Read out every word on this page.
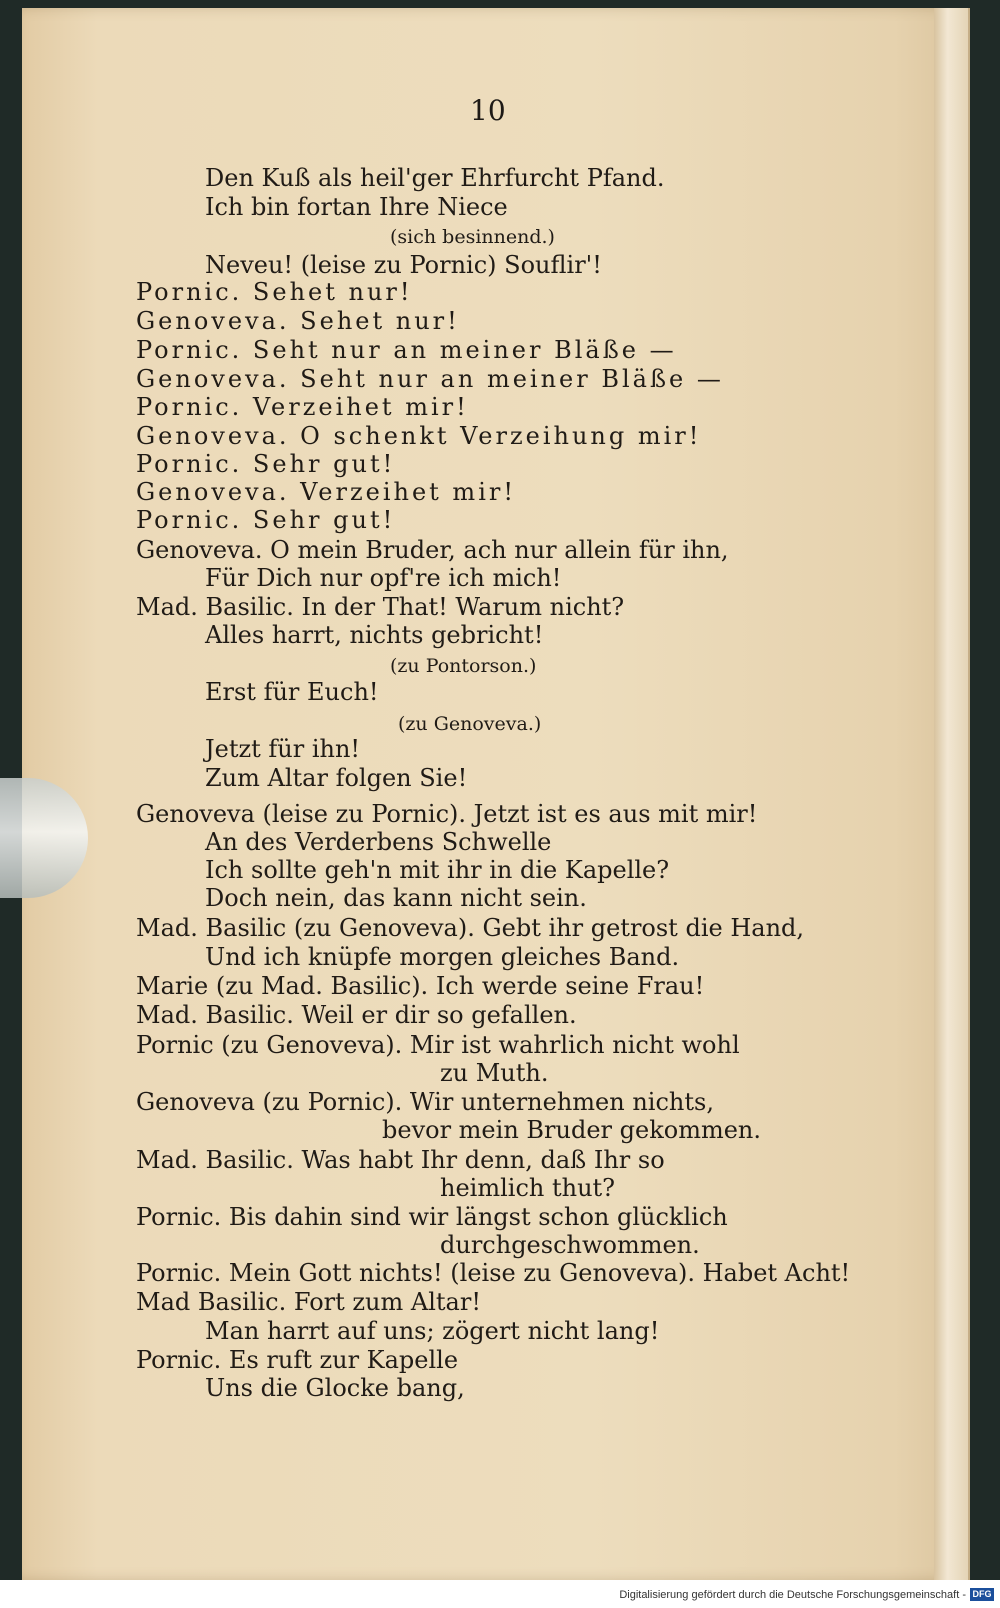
10
Den Kuß als heil'ger Ehrfurcht Pfand.
Ich bin fortan Ihre Niece
(sich besinnend.)
Neveu! (leise zu Pornic) Souflir'!
Pornic. Sehet nur!
Genoveva. Sehet nur!
Pornic. Seht nur an meiner Bläße —
Genoveva. Seht nur an meiner Bläße —
Pornic. Verzeihet mir!
Genoveva. O schenkt Verzeihung mir!
Pornic. Sehr gut!
Genoveva. Verzeihet mir!
Pornic. Sehr gut!
Genoveva. O mein Bruder, ach nur allein für ihn,
Für Dich nur opf're ich mich!
Mad. Basilic. In der That! Warum nicht?
Alles harrt, nichts gebricht!
(zu Pontorson.)
Erst für Euch!
(zu Genoveva.)
Jetzt für ihn!
Zum Altar folgen Sie!
Genoveva (leise zu Pornic). Jetzt ist es aus mit mir!
An des Verderbens Schwelle
Ich sollte geh'n mit ihr in die Kapelle?
Doch nein, das kann nicht sein.
Mad. Basilic (zu Genoveva). Gebt ihr getrost die Hand,
Und ich knüpfe morgen gleiches Band.
Marie (zu Mad. Basilic). Ich werde seine Frau!
Mad. Basilic. Weil er dir so gefallen.
Pornic (zu Genoveva). Mir ist wahrlich nicht wohl
zu Muth.
Genoveva (zu Pornic). Wir unternehmen nichts,
bevor mein Bruder gekommen.
Mad. Basilic. Was habt Ihr denn, daß Ihr so
heimlich thut?
Pornic. Bis dahin sind wir längst schon glücklich
durchgeschwommen.
Pornic. Mein Gott nichts! (leise zu Genoveva). Habet Acht!
Mad Basilic. Fort zum Altar!
Man harrt auf uns; zögert nicht lang!
Pornic. Es ruft zur Kapelle
Uns die Glocke bang,
Digitalisierung gefördert durch die Deutsche Forschungsgemeinschaft - DFG
